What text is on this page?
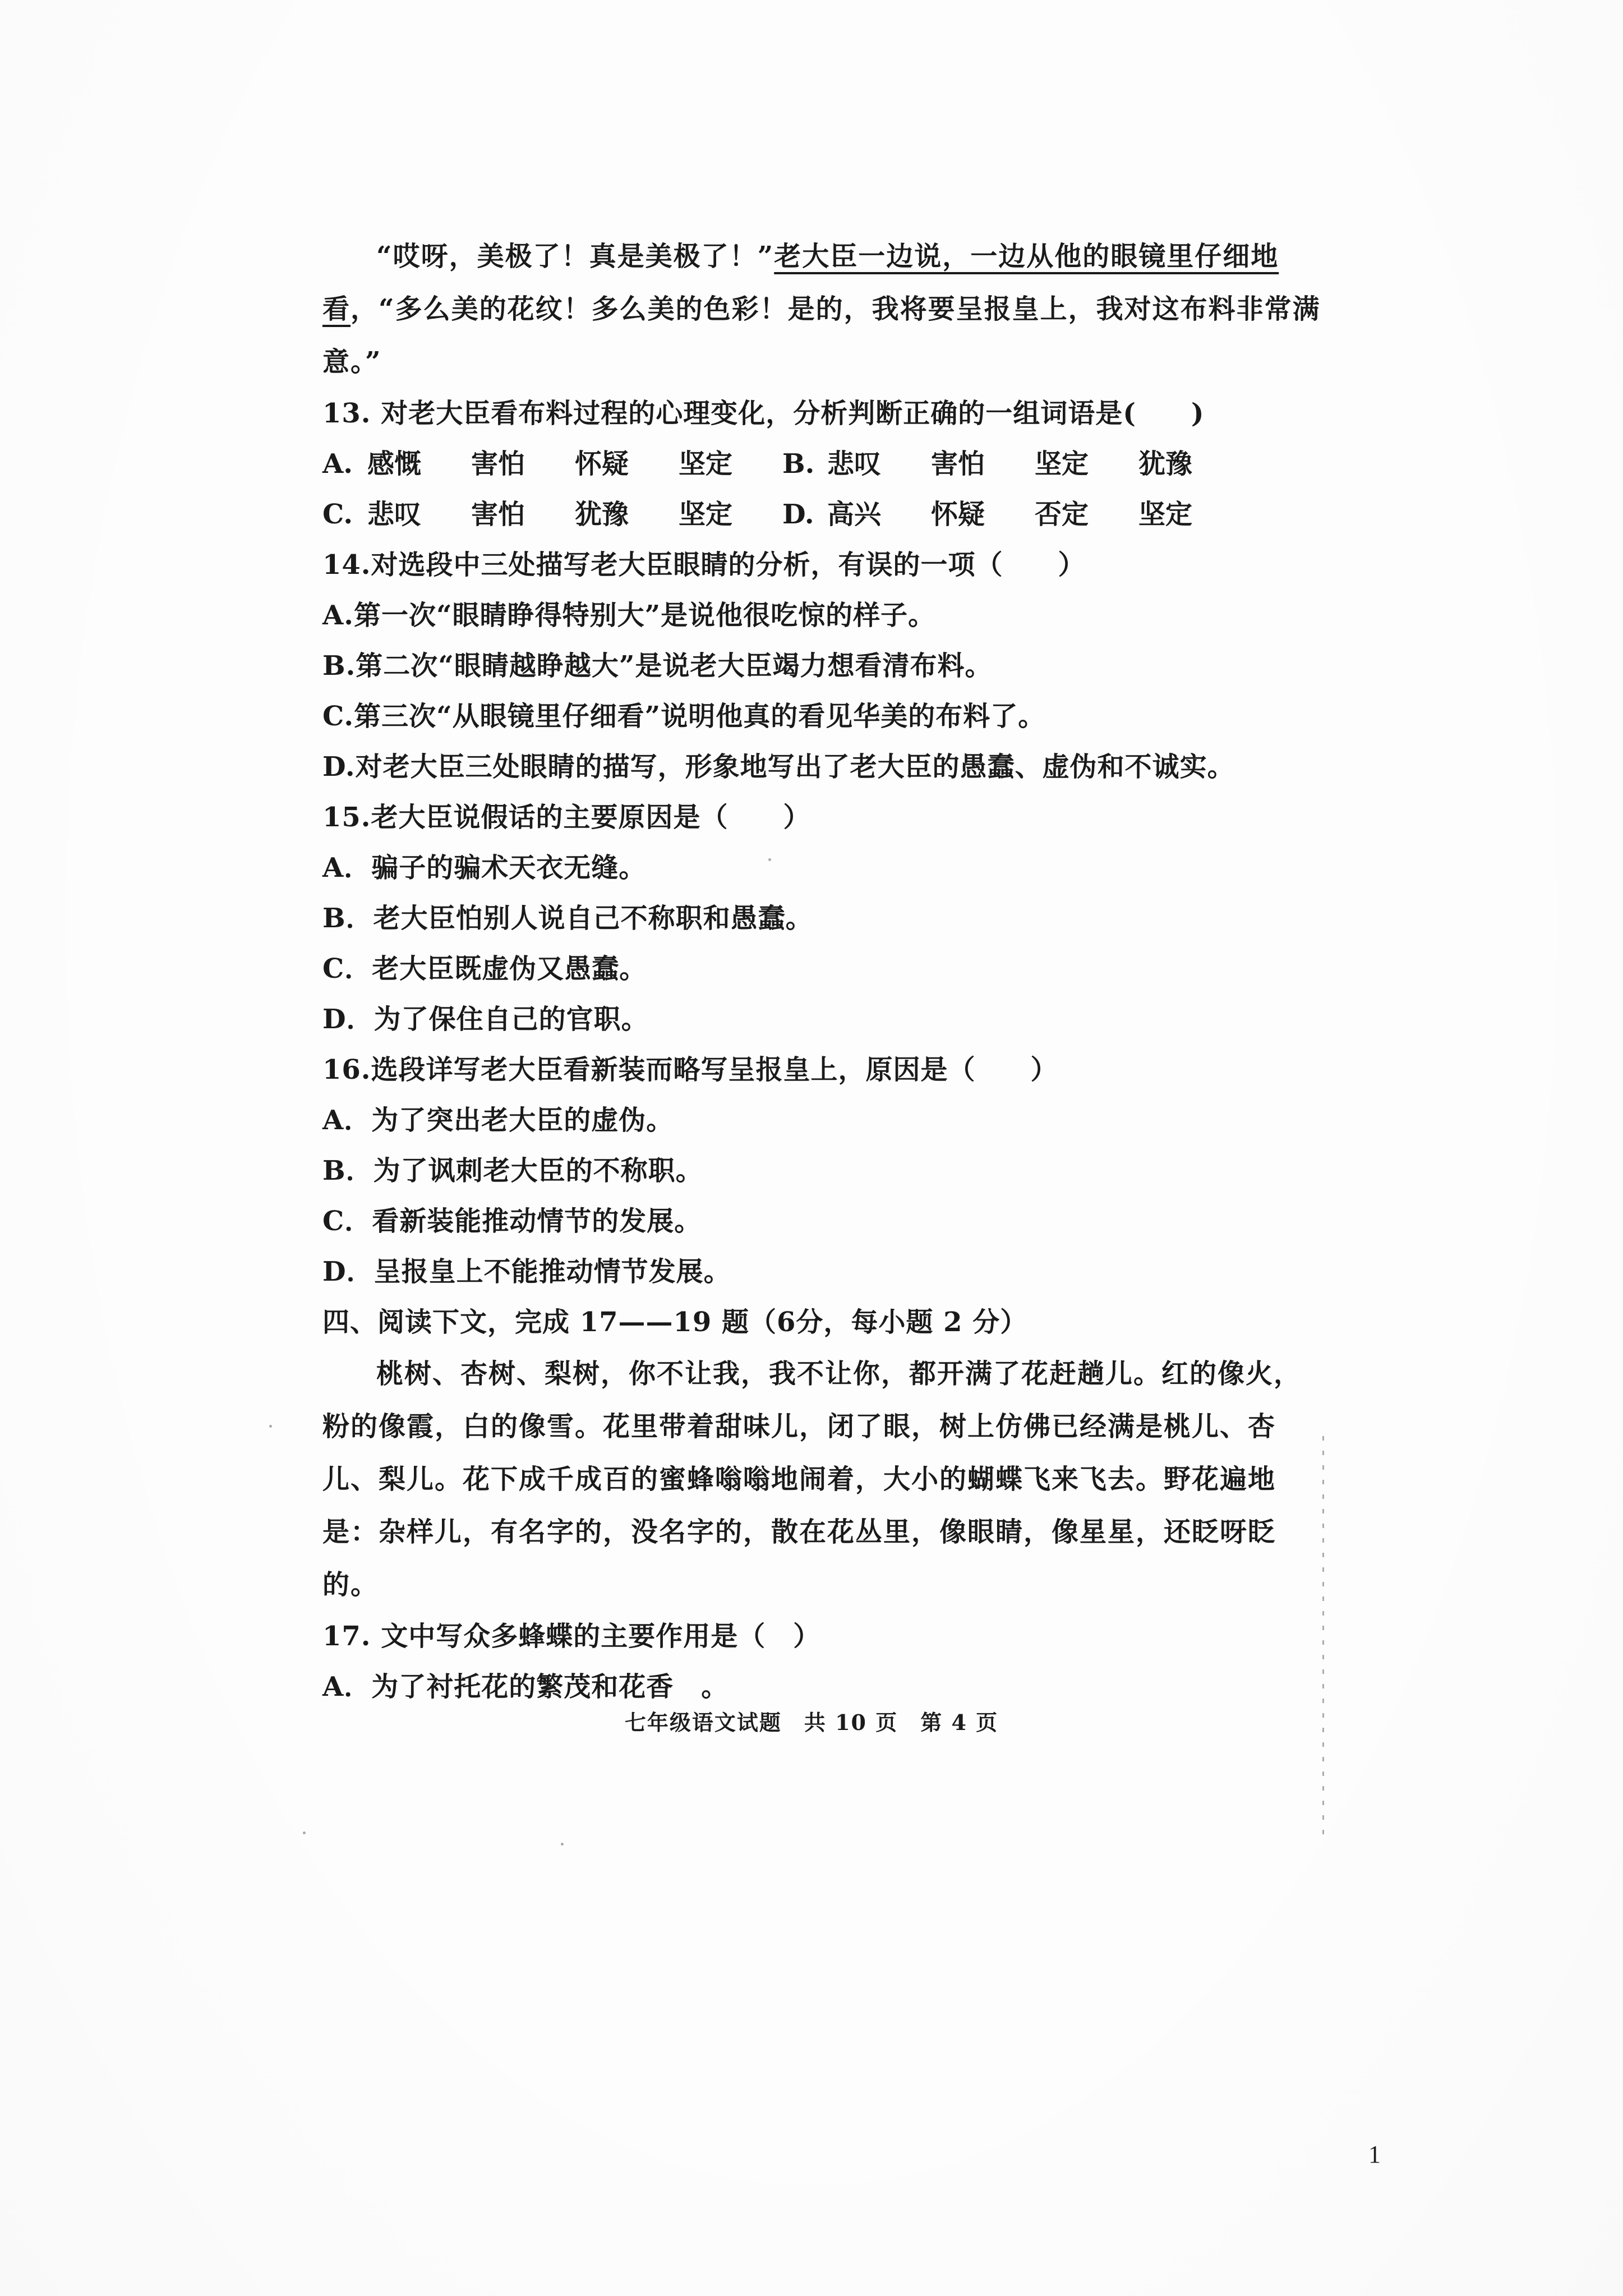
“哎呀，美极了！真是美极了！”老大臣一边说，一边从他的眼镜里仔细地看，“多么美的花纹！多么美的色彩！是的，我将要呈报皇上，我对这布料非常满意。”

13. 对老大臣看布料过程的心理变化，分析判断正确的一组词语是(　　)

A. 感慨	害怕	怀疑	坚定	B. 悲叹	害怕	坚定	犹豫
C. 悲叹	害怕	犹豫	坚定	D. 高兴	怀疑	否定	坚定

14.对选段中三处描写老大臣眼睛的分析，有误的一项（　　）

A.第一次“眼睛睁得特别大”是说他很吃惊的样子。

B.第二次“眼睛越睁越大”是说老大臣竭力想看清布料。

C.第三次“从眼镜里仔细看”说明他真的看见华美的布料了。

D.对老大臣三处眼睛的描写，形象地写出了老大臣的愚蠢、虚伪和不诚实。

15.老大臣说假话的主要原因是（　　）

A．骗子的骗术天衣无缝。

B．老大臣怕别人说自己不称职和愚蠢。

C．老大臣既虚伪又愚蠢。

D．为了保住自己的官职。

16.选段详写老大臣看新装而略写呈报皇上，原因是（　　）

A．为了突出老大臣的虚伪。

B．为了讽刺老大臣的不称职。

C．看新装能推动情节的发展。

D．呈报皇上不能推动情节发展。

四、阅读下文，完成 17——19 题（6分，每小题 2 分）

桃树、杏树、梨树，你不让我，我不让你，都开满了花赶趟儿。红的像火，粉的像霞，白的像雪。花里带着甜味儿，闭了眼，树上仿佛已经满是桃儿、杏儿、梨儿。花下成千成百的蜜蜂嗡嗡地闹着，大小的蝴蝶飞来飞去。野花遍地是：杂样儿，有名字的，没名字的，散在花丛里，像眼睛，像星星，还眨呀眨的。

17. 文中写众多蜂蝶的主要作用是（　）

A．为了衬托花的繁茂和花香　。

七年级语文试题　共 10 页　第 4 页
1
